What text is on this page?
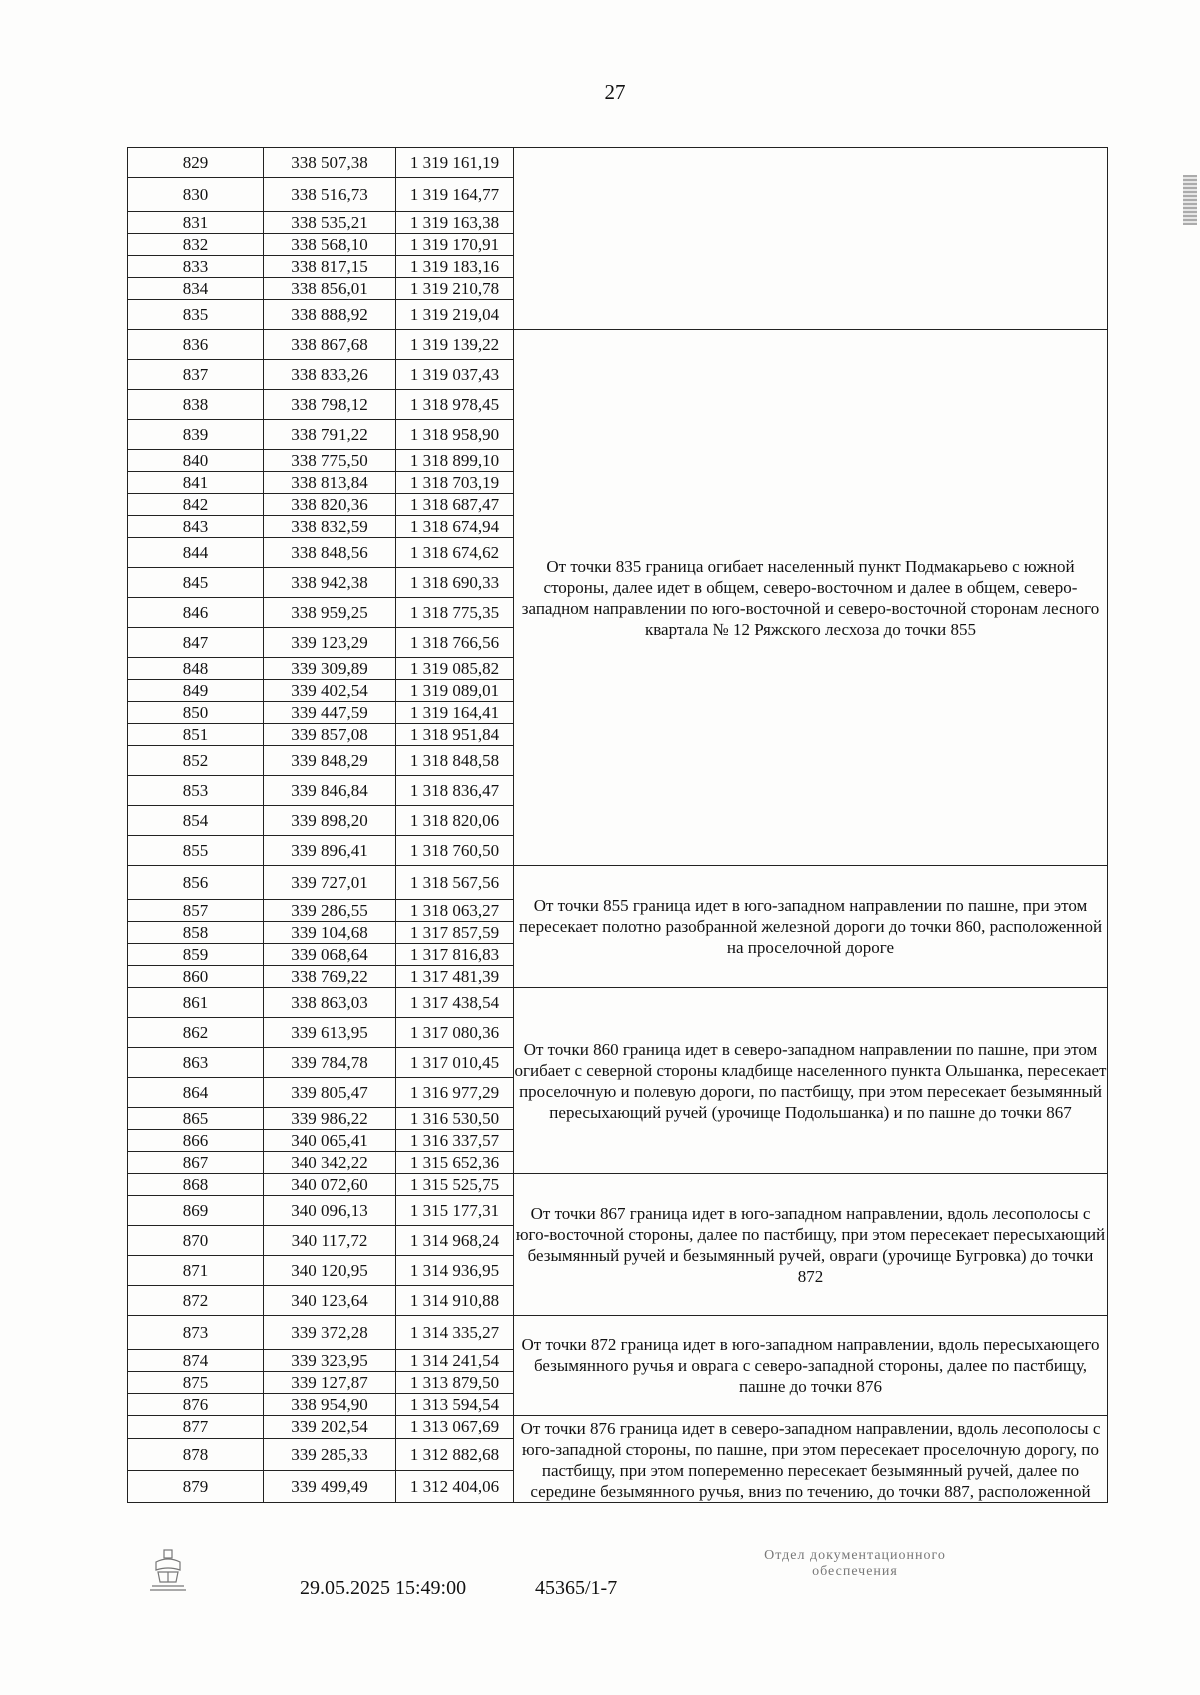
27
829	338 507,38	1 319 161,19	
830	338 516,73	1 319 164,77	
831	338 535,21	1 319 163,38	
832	338 568,10	1 319 170,91	
833	338 817,15	1 319 183,16	
834	338 856,01	1 319 210,78	
835	338 888,92	1 319 219,04	
836	338 867,68	1 319 139,22	От точки 835 граница огибает населенный пункт Подмакарьево с южной стороны, далее идет в общем, северо-восточном и далее в общем, северо-западном направлении по юго-восточной и северо-восточной сторонам лесного квартала № 12 Ряжского лесхоза до точки 855
837	338 833,26	1 319 037,43	
838	338 798,12	1 318 978,45	
839	338 791,22	1 318 958,90	
840	338 775,50	1 318 899,10	
841	338 813,84	1 318 703,19	
842	338 820,36	1 318 687,47	
843	338 832,59	1 318 674,94	
844	338 848,56	1 318 674,62	
845	338 942,38	1 318 690,33	
846	338 959,25	1 318 775,35	
847	339 123,29	1 318 766,56	
848	339 309,89	1 319 085,82	
849	339 402,54	1 319 089,01	
850	339 447,59	1 319 164,41	
851	339 857,08	1 318 951,84	
852	339 848,29	1 318 848,58	
853	339 846,84	1 318 836,47	
854	339 898,20	1 318 820,06	
855	339 896,41	1 318 760,50	
856	339 727,01	1 318 567,56	От точки 855 граница идет в юго-западном направлении по пашне, при этом пересекает полотно разобранной железной дороги до точки 860, расположенной на проселочной дороге
857	339 286,55	1 318 063,27	
858	339 104,68	1 317 857,59	
859	339 068,64	1 317 816,83	
860	338 769,22	1 317 481,39	
861	338 863,03	1 317 438,54	От точки 860 граница идет в северо-западном направлении по пашне, при этом огибает с северной стороны кладбище населенного пункта Ольшанка, пересекает проселочную и полевую дороги, по пастбищу, при этом пересекает безымянный пересыхающий ручей (урочище Подольшанка) и по пашне до точки 867
862	339 613,95	1 317 080,36	
863	339 784,78	1 317 010,45	
864	339 805,47	1 316 977,29	
865	339 986,22	1 316 530,50	
866	340 065,41	1 316 337,57	
867	340 342,22	1 315 652,36	
868	340 072,60	1 315 525,75	От точки 867 граница идет в юго-западном направлении, вдоль лесополосы с юго-восточной стороны, далее по пастбищу, при этом пересекает пересыхающий безымянный ручей и безымянный ручей, овраги (урочище Бугровка) до точки 872
869	340 096,13	1 315 177,31	
870	340 117,72	1 314 968,24	
871	340 120,95	1 314 936,95	
872	340 123,64	1 314 910,88	
873	339 372,28	1 314 335,27	От точки 872 граница идет в юго-западном направлении, вдоль пересыхающего безымянного ручья и оврага с северо-западной стороны, далее по пастбищу, пашне до точки 876
874	339 323,95	1 314 241,54	
875	339 127,87	1 313 879,50	
876	338 954,90	1 313 594,54	
877	339 202,54	1 313 067,69	От точки 876 граница идет в северо-западном направлении, вдоль лесополосы с юго-западной стороны, по пашне, при этом пересекает проселочную дорогу, по пастбищу, при этом попеременно пересекает безымянный ручей, далее по середине безымянного ручья, вниз по течению, до точки 887, расположенной
878	339 285,33	1 312 882,68	
879	339 499,49	1 312 404,06	
29.05.2025 15:49:00	45365/1-7
Отдел документационного
обеспечения
